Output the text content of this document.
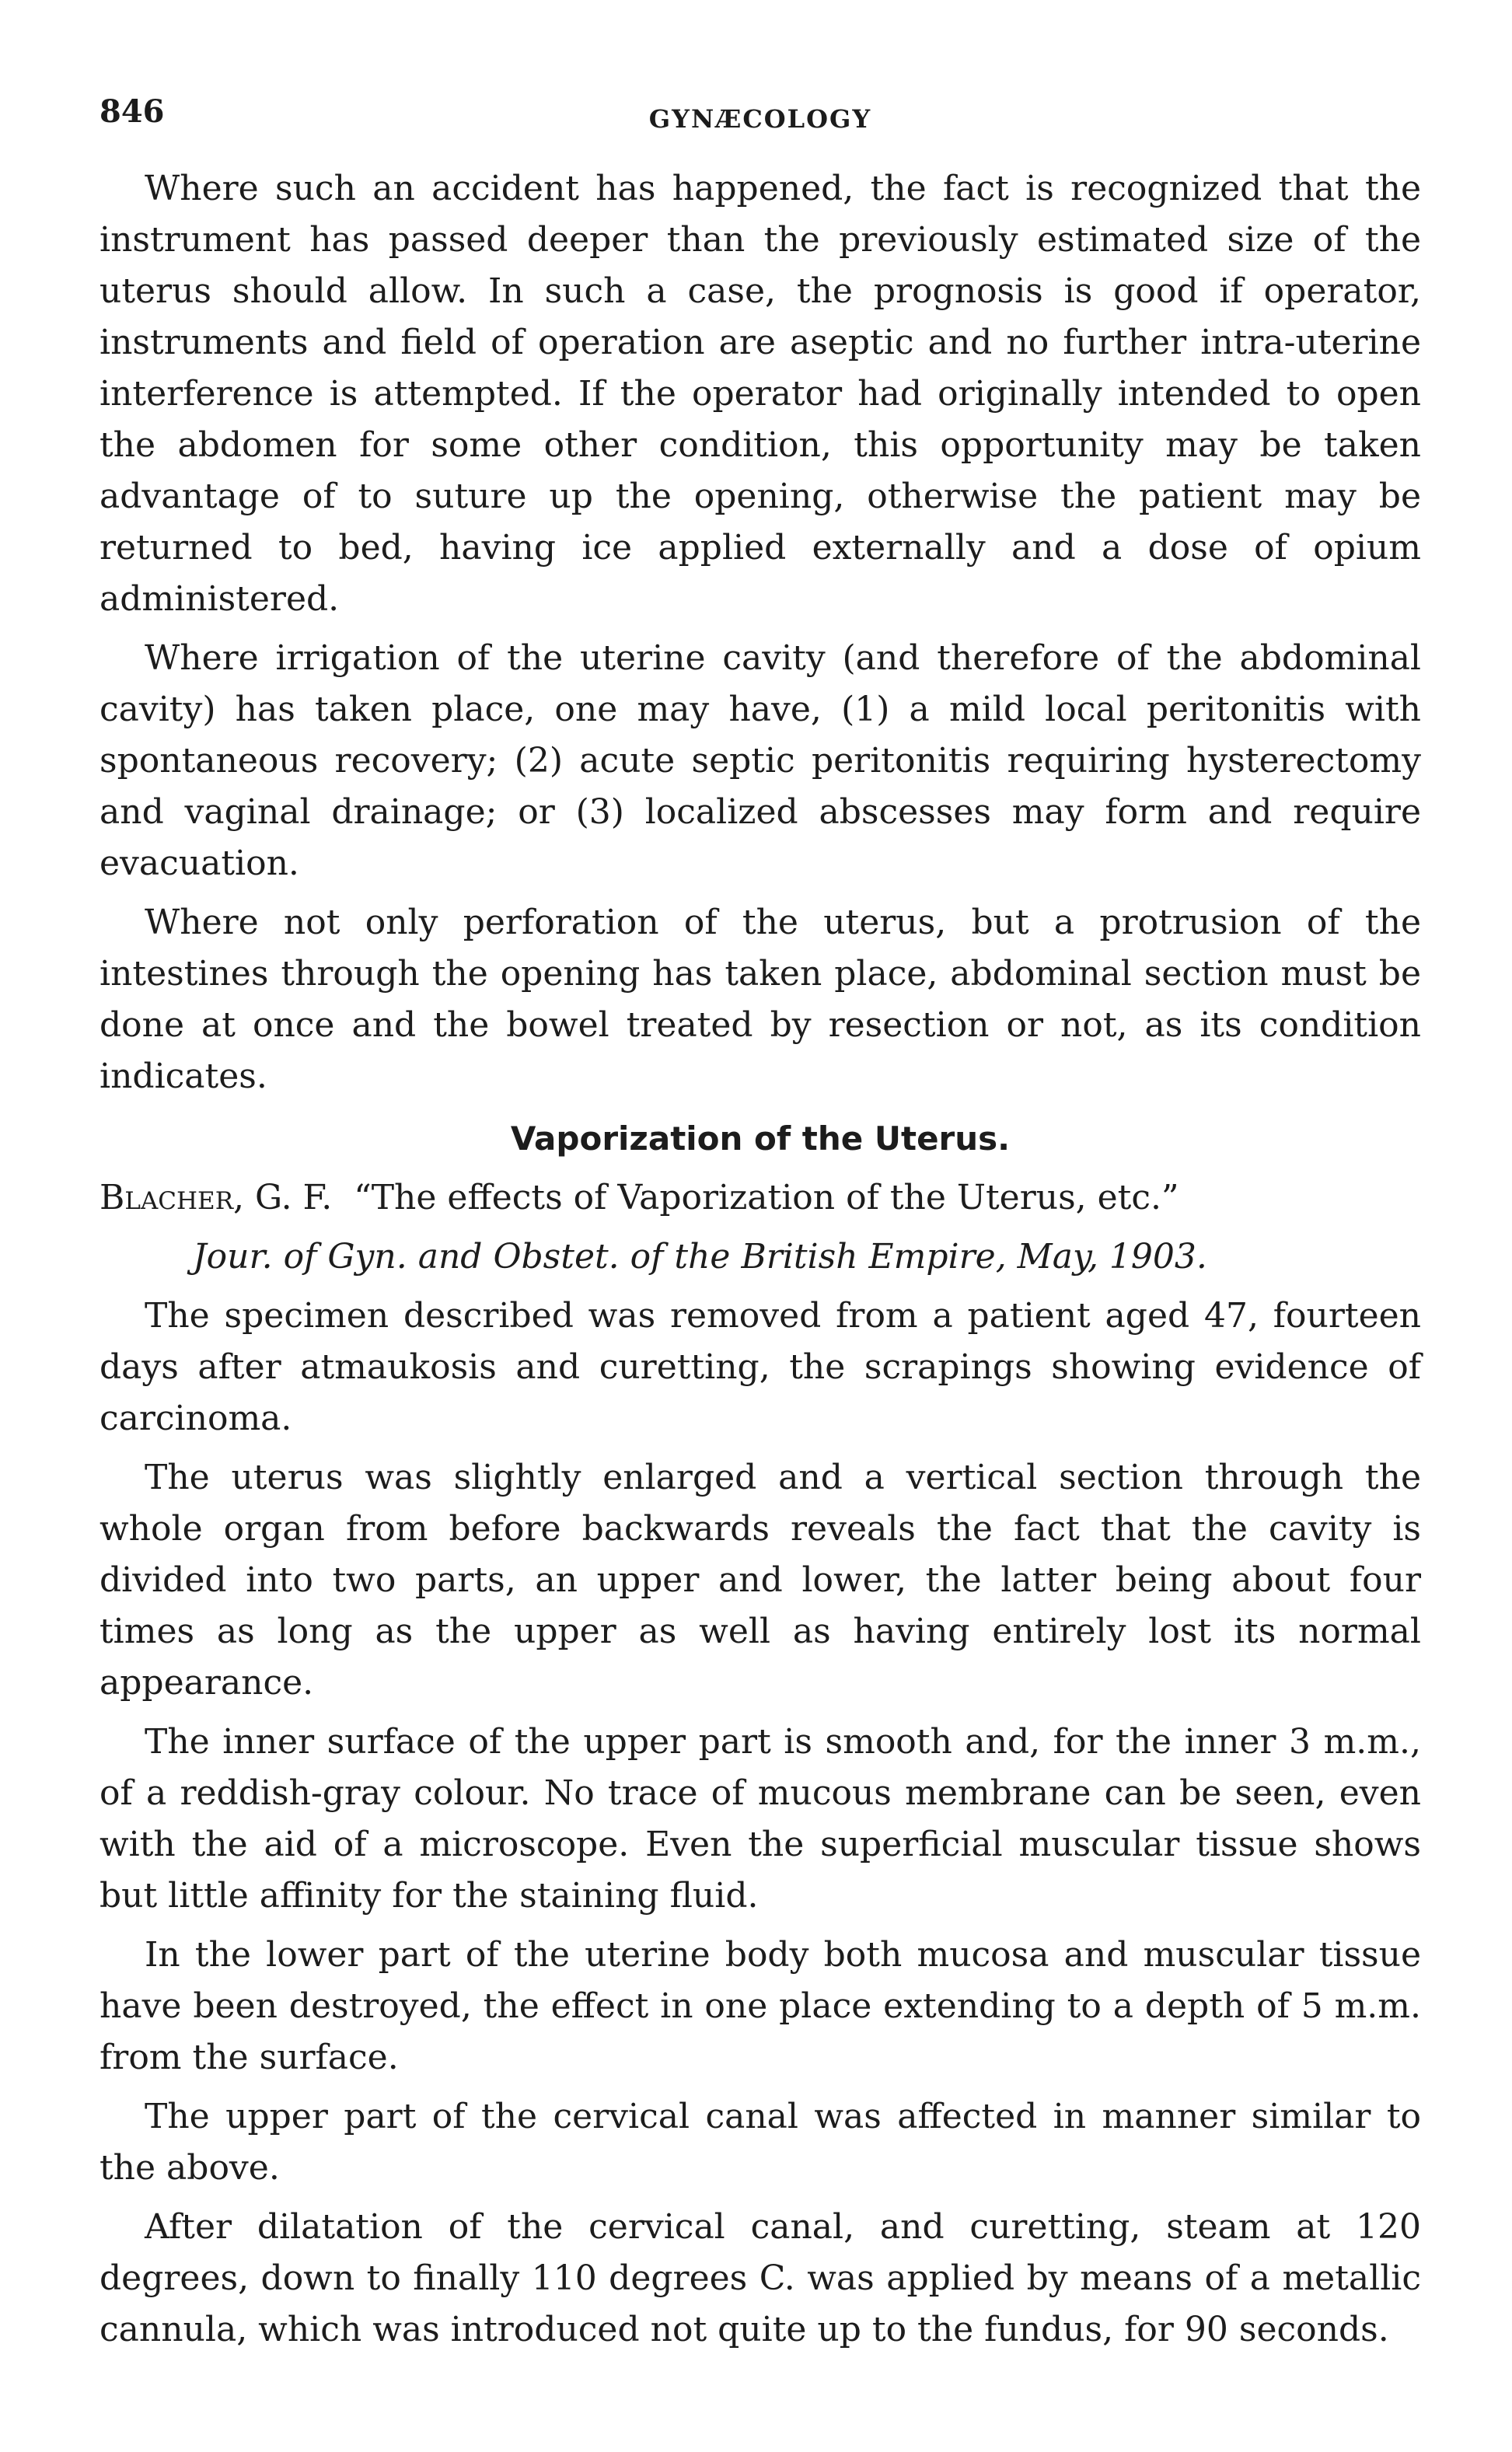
846	GYNÆCOLOGY

Where such an accident has happened, the fact is recognized that the instrument has passed deeper than the previously estimated size of the uterus should allow. In such a case, the prognosis is good if operator, instruments and field of operation are aseptic and no further intra-uterine interference is attempted. If the operator had originally intended to open the abdomen for some other condition, this opportunity may be taken advantage of to suture up the opening, otherwise the patient may be returned to bed, having ice applied externally and a dose of opium administered.

Where irrigation of the uterine cavity (and therefore of the abdominal cavity) has taken place, one may have, (1) a mild local peritonitis with spontaneous recovery; (2) acute septic peritonitis requiring hysterectomy and vaginal drainage; or (3) localized abscesses may form and require evacuation.

Where not only perforation of the uterus, but a protrusion of the intestines through the opening has taken place, abdominal section must be done at once and the bowel treated by resection or not, as its condition indicates.

Vaporization of the Uterus.

Blacher, G. F. “The effects of Vaporization of the Uterus, etc.”

Jour. of Gyn. and Obstet. of the British Empire, May, 1903.

The specimen described was removed from a patient aged 47, fourteen days after atmaukosis and curetting, the scrapings showing evidence of carcinoma.

The uterus was slightly enlarged and a vertical section through the whole organ from before backwards reveals the fact that the cavity is divided into two parts, an upper and lower, the latter being about four times as long as the upper as well as having entirely lost its normal appearance.

The inner surface of the upper part is smooth and, for the inner 3 m.m., of a reddish-gray colour. No trace of mucous membrane can be seen, even with the aid of a microscope. Even the superficial muscular tissue shows but little affinity for the staining fluid.

In the lower part of the uterine body both mucosa and muscular tissue have been destroyed, the effect in one place extending to a depth of 5 m.m. from the surface.

The upper part of the cervical canal was affected in manner similar to the above.

After dilatation of the cervical canal, and curetting, steam at 120 degrees, down to finally 110 degrees C. was applied by means of a metallic cannula, which was introduced not quite up to the fundus, for 90 seconds.
